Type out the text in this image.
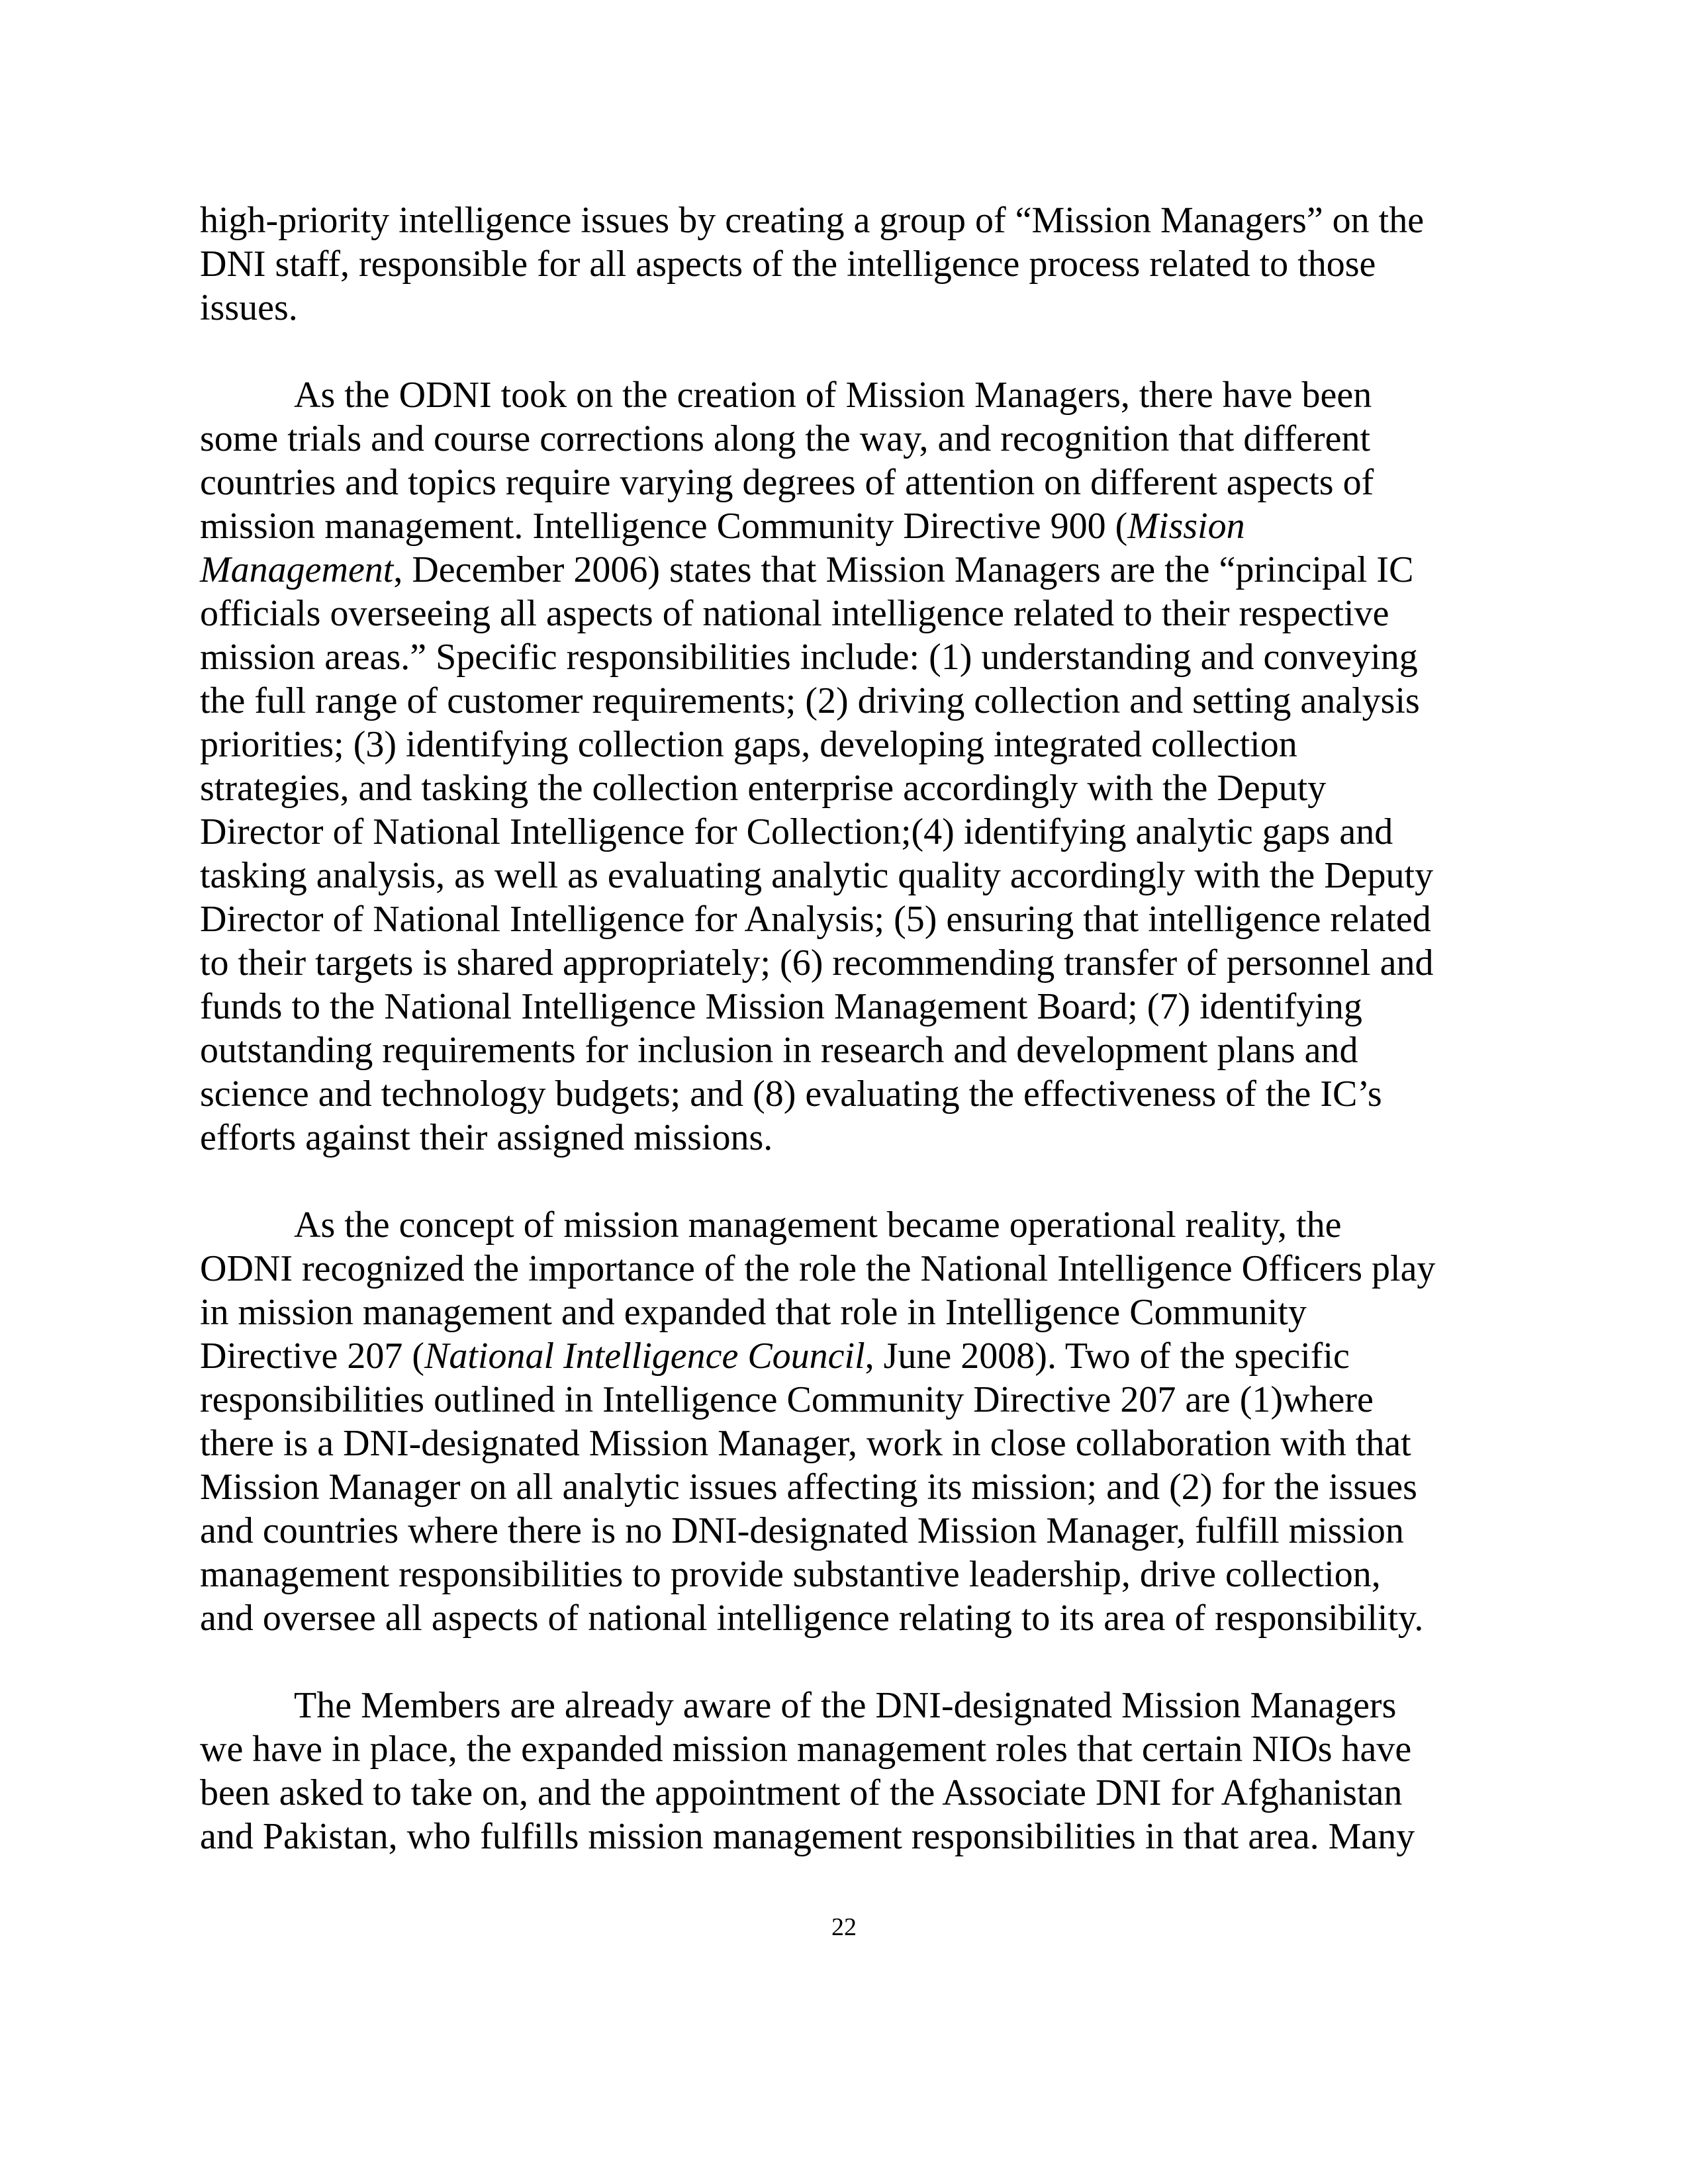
high-priority intelligence issues by creating a group of “Mission Managers” on the
DNI staff, responsible for all aspects of the intelligence process related to those
issues.
As the ODNI took on the creation of Mission Managers, there have been
some trials and course corrections along the way, and recognition that different
countries and topics require varying degrees of attention on different aspects of
mission management. Intelligence Community Directive 900 (Mission
Management, December 2006) states that Mission Managers are the “principal IC
officials overseeing all aspects of national intelligence related to their respective
mission areas.” Specific responsibilities include: (1) understanding and conveying
the full range of customer requirements; (2) driving collection and setting analysis
priorities; (3) identifying collection gaps, developing integrated collection
strategies, and tasking the collection enterprise accordingly with the Deputy
Director of National Intelligence for Collection;(4) identifying analytic gaps and
tasking analysis, as well as evaluating analytic quality accordingly with the Deputy
Director of National Intelligence for Analysis; (5) ensuring that intelligence related
to their targets is shared appropriately; (6) recommending transfer of personnel and
funds to the National Intelligence Mission Management Board; (7) identifying
outstanding requirements for inclusion in research and development plans and
science and technology budgets; and (8) evaluating the effectiveness of the IC’s
efforts against their assigned missions.
As the concept of mission management became operational reality, the
ODNI recognized the importance of the role the National Intelligence Officers play
in mission management and expanded that role in Intelligence Community
Directive 207 (National Intelligence Council, June 2008). Two of the specific
responsibilities outlined in Intelligence Community Directive 207 are (1)where
there is a DNI-designated Mission Manager, work in close collaboration with that
Mission Manager on all analytic issues affecting its mission; and (2) for the issues
and countries where there is no DNI-designated Mission Manager, fulfill mission
management responsibilities to provide substantive leadership, drive collection,
and oversee all aspects of national intelligence relating to its area of responsibility.
The Members are already aware of the DNI-designated Mission Managers
we have in place, the expanded mission management roles that certain NIOs have
been asked to take on, and the appointment of the Associate DNI for Afghanistan
and Pakistan, who fulfills mission management responsibilities in that area. Many
22
